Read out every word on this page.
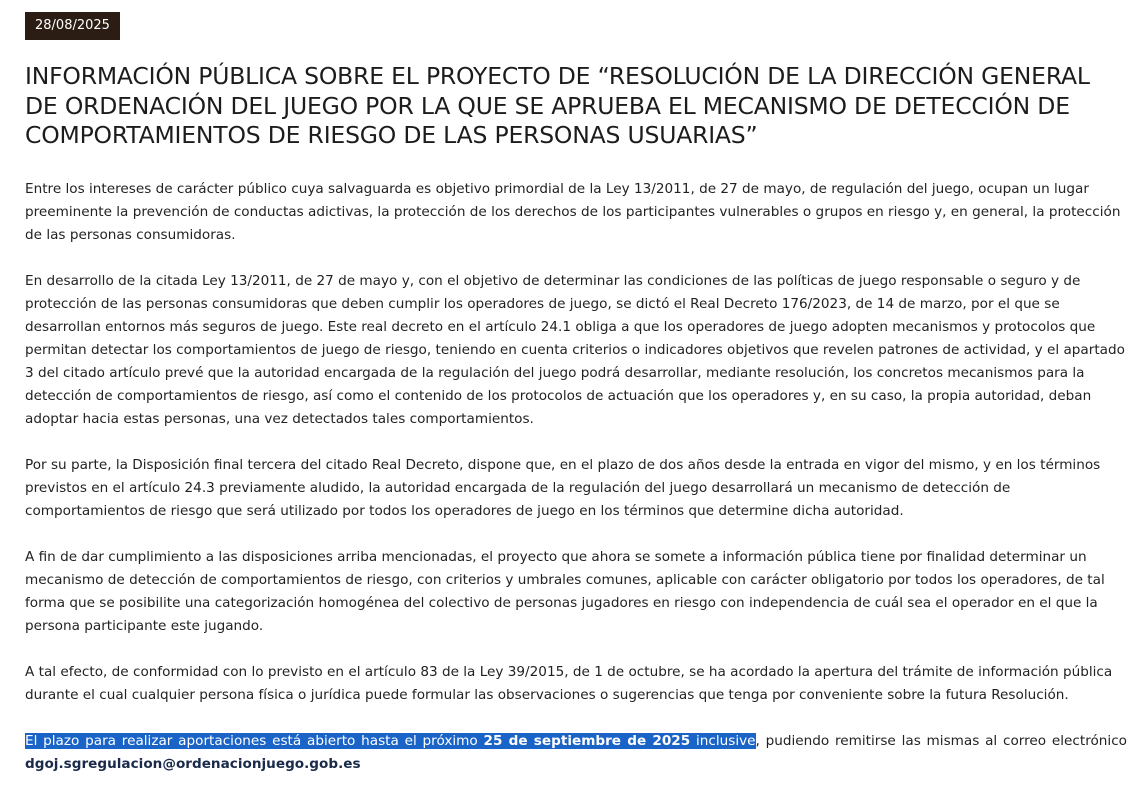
28/08/2025
INFORMACIÓN PÚBLICA SOBRE EL PROYECTO DE “RESOLUCIÓN DE LA DIRECCIÓN GENERAL DE ORDENACIÓN DEL JUEGO POR LA QUE SE APRUEBA EL MECANISMO DE DETECCIÓN DE COMPORTAMIENTOS DE RIESGO DE LAS PERSONAS USUARIAS”

Entre los intereses de carácter público cuya salvaguarda es objetivo primordial de la Ley 13/2011, de 27 de mayo, de regulación del juego, ocupan un lugar preeminente la prevención de conductas adictivas, la protección de los derechos de los participantes vulnerables o grupos en riesgo y, en general, la protección de las personas consumidoras.

En desarrollo de la citada Ley 13/2011, de 27 de mayo y, con el objetivo de determinar las condiciones de las políticas de juego responsable o seguro y de protección de las personas consumidoras que deben cumplir los operadores de juego, se dictó el Real Decreto 176/2023, de 14 de marzo, por el que se desarrollan entornos más seguros de juego. Este real decreto en el artículo 24.1 obliga a que los operadores de juego adopten mecanismos y protocolos que permitan detectar los comportamientos de juego de riesgo, teniendo en cuenta criterios o indicadores objetivos que revelen patrones de actividad, y el apartado 3 del citado artículo prevé que la autoridad encargada de la regulación del juego podrá desarrollar, mediante resolución, los concretos mecanismos para la detección de comportamientos de riesgo, así como el contenido de los protocolos de actuación que los operadores y, en su caso, la propia autoridad, deban adoptar hacia estas personas, una vez detectados tales comportamientos.

Por su parte, la Disposición final tercera del citado Real Decreto, dispone que, en el plazo de dos años desde la entrada en vigor del mismo, y en los términos previstos en el artículo 24.3 previamente aludido, la autoridad encargada de la regulación del juego desarrollará un mecanismo de detección de comportamientos de riesgo que será utilizado por todos los operadores de juego en los términos que determine dicha autoridad.

A fin de dar cumplimiento a las disposiciones arriba mencionadas, el proyecto que ahora se somete a información pública tiene por finalidad determinar un mecanismo de detección de comportamientos de riesgo, con criterios y umbrales comunes, aplicable con carácter obligatorio por todos los operadores, de tal forma que se posibilite una categorización homogénea del colectivo de personas jugadores en riesgo con independencia de cuál sea el operador en el que la persona participante este jugando.

A tal efecto, de conformidad con lo previsto en el artículo 83 de la Ley 39/2015, de 1 de octubre, se ha acordado la apertura del trámite de información pública durante el cual cualquier persona física o jurídica puede formular las observaciones o sugerencias que tenga por conveniente sobre la futura Resolución.

El plazo para realizar aportaciones está abierto hasta el próximo 25 de septiembre de 2025 inclusive, pudiendo remitirse las mismas al correo electrónico dgoj.sgregulacion@ordenacionjuego.gob.es
